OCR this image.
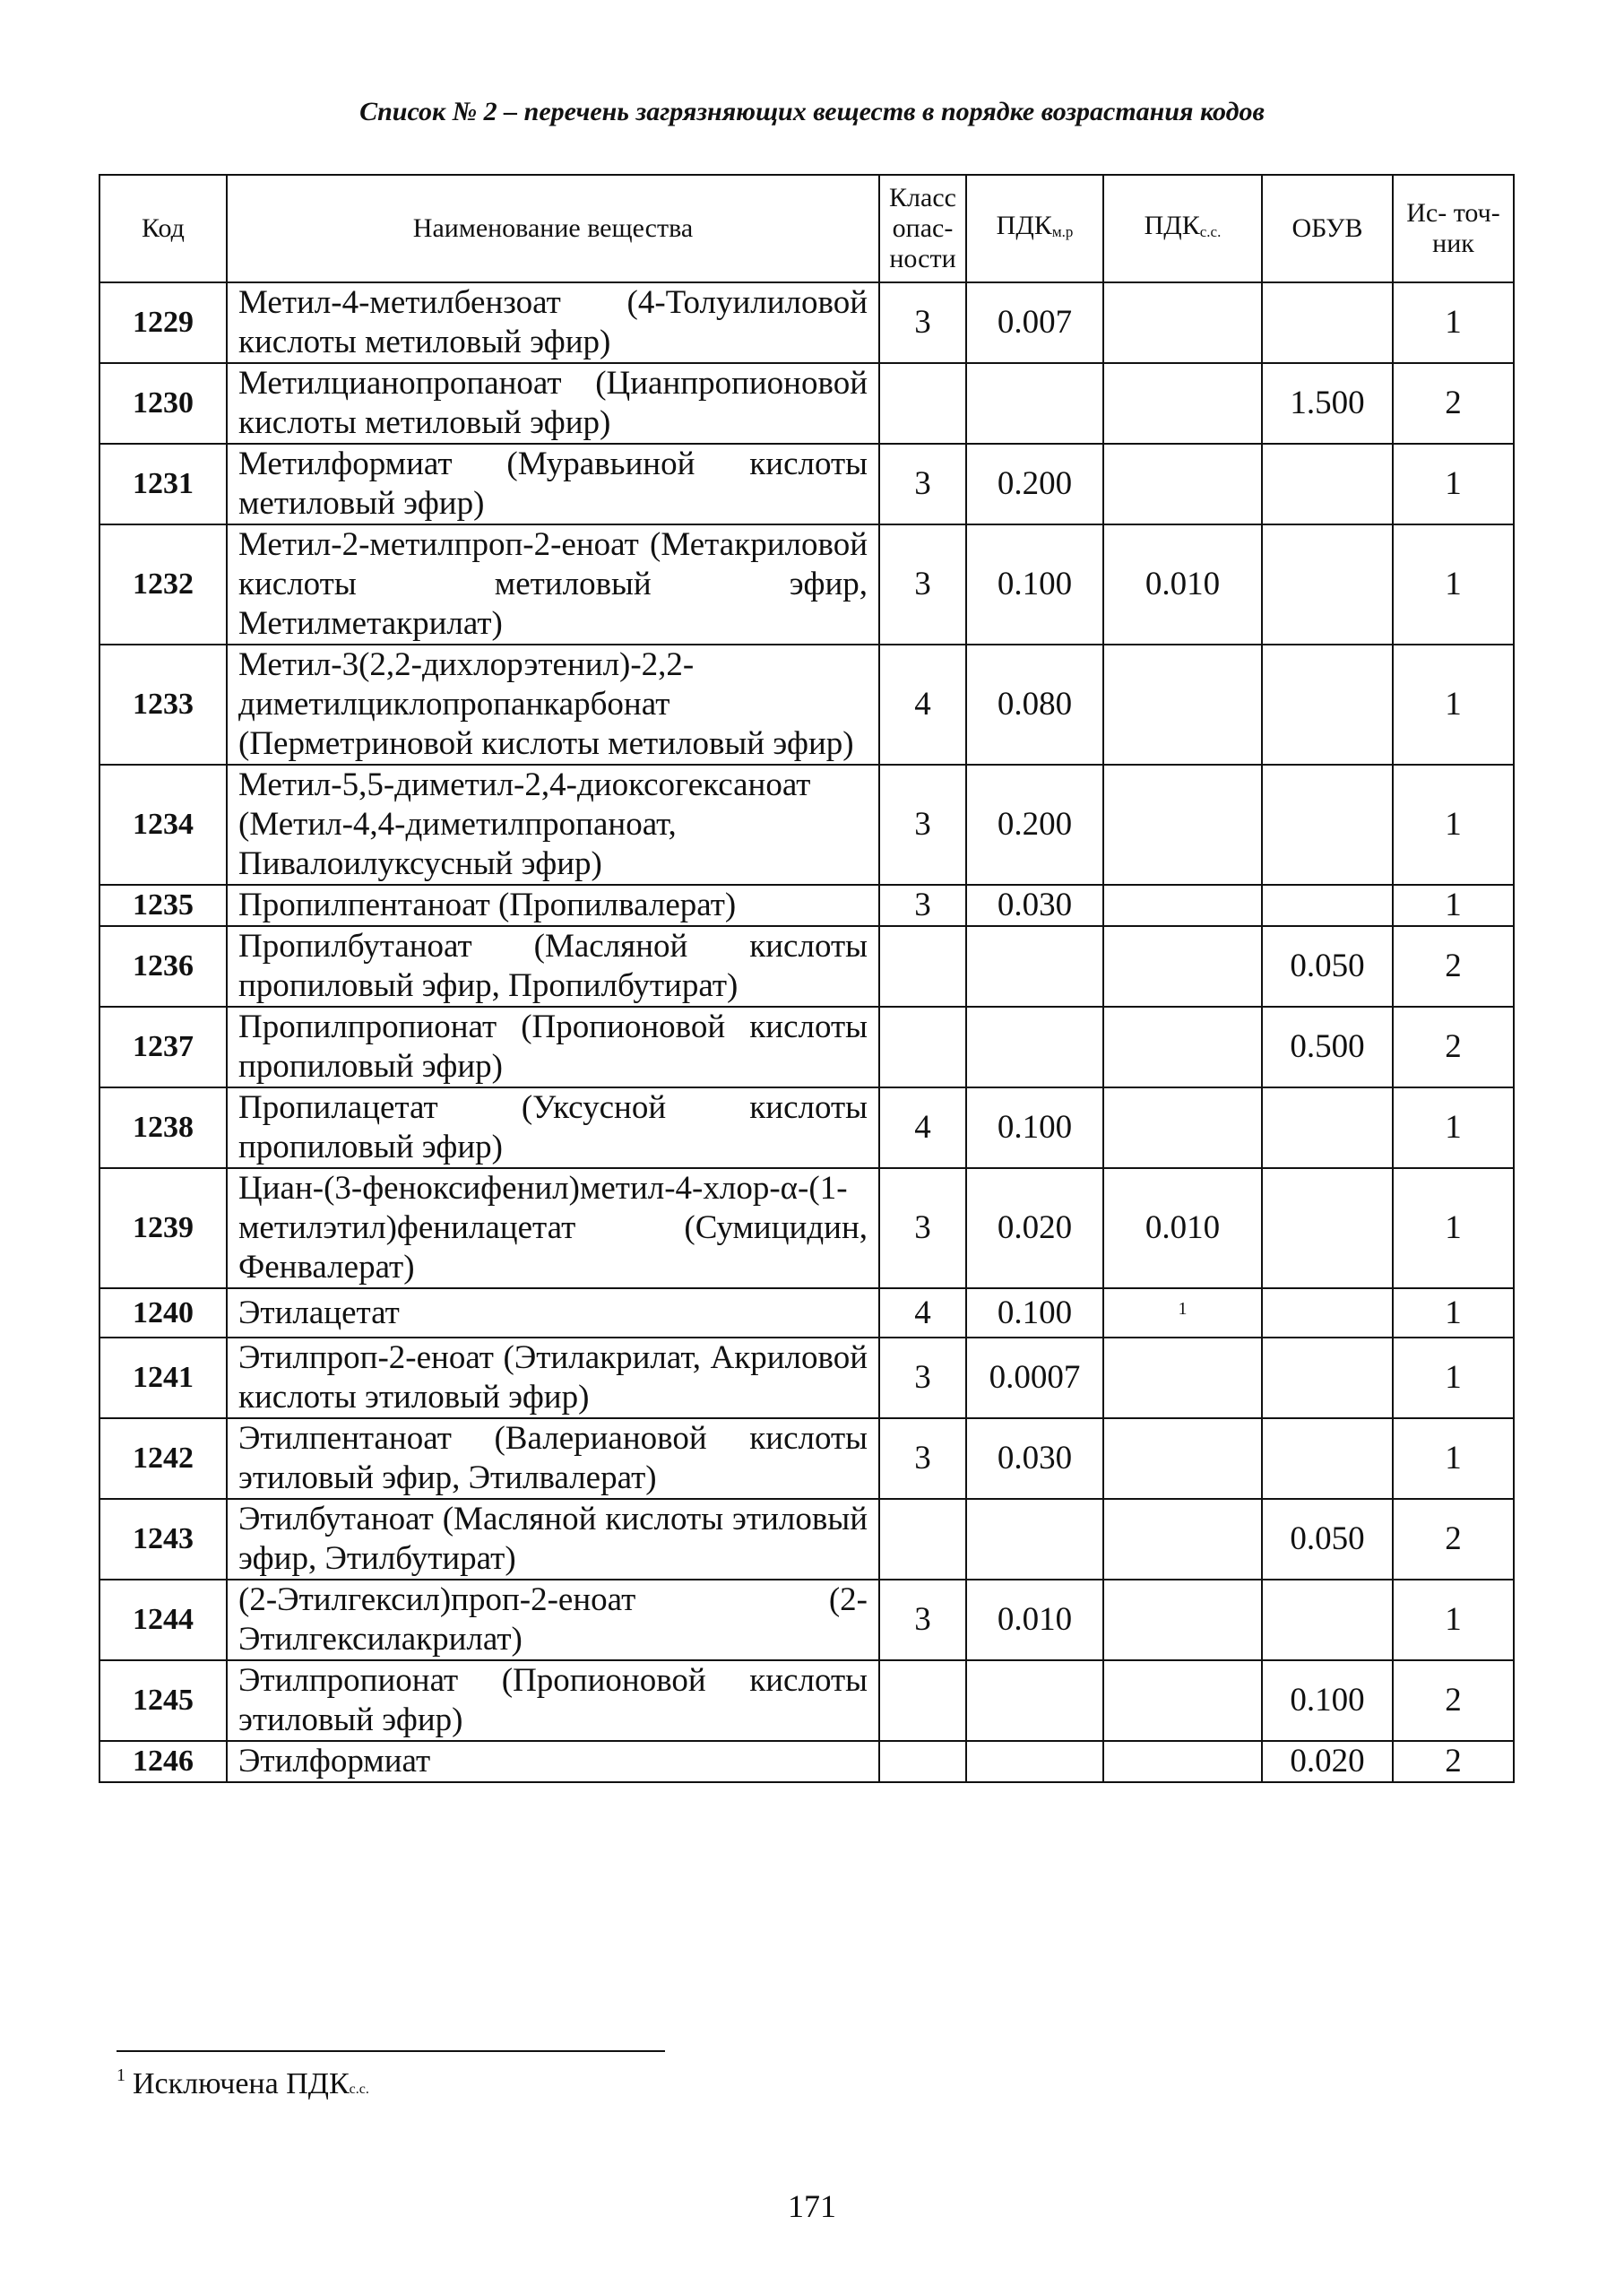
Список № 2 – перечень загрязняющих веществ в порядке возрастания кодов
Код	Наименование вещества	Класс опас- ности	ПДКм.р	ПДКс.с.	ОБУВ	Ис- точ- ник
1229	Метил-4-метилбензоат (4-Толуилиловой кислоты метиловый эфир)	3	0.007			1
1230	Метилцианопропаноат (Цианпропионовой кислоты метиловый эфир)				1.500	2
1231	Метилформиат (Муравьиной кислоты метиловый эфир)	3	0.200			1
1232	Метил-2-метилпроп-2-еноат (Метакриловой кислоты метиловый эфир, Метилметакрилат)	3	0.100	0.010		1
1233	Метил-3(2,2-дихлорэтенил)-2,2-диметилциклопропанкарбонат (Перметриновой кислоты метиловый эфир)	4	0.080			1
1234	Метил-5,5-диметил-2,4-диоксогексаноат (Метил-4,4-диметилпропаноат, Пивалоилуксусный эфир)	3	0.200			1
1235	Пропилпентаноат (Пропилвалерат)	3	0.030			1
1236	Пропилбутаноат (Масляной кислоты пропиловый эфир, Пропилбутират)				0.050	2
1237	Пропилпропионат (Пропионовой кислоты пропиловый эфир)				0.500	2
1238	Пропилацетат (Уксусной кислоты пропиловый эфир)	4	0.100			1
1239	Циан-(3-феноксифенил)метил-4-хлор-α-(1-метилэтил)фенилацетат (Сумицидин, Фенвалерат)	3	0.020	0.010		1
1240	Этилацетат	4	0.100	$^1$		1
1241	Этилпроп-2-еноат (Этилакрилат, Акриловой кислоты этиловый эфир)	3	0.0007			1
1242	Этилпентаноат (Валериановой кислоты этиловый эфир, Этилвалерат)	3	0.030			1
1243	Этилбутаноат (Масляной кислоты этиловый эфир, Этилбутират)				0.050	2
1244	(2-Этилгексил)проп-2-еноат (2-Этилгексилакрилат)	3	0.010			1
1245	Этилпропионат (Пропионовой кислоты этиловый эфир)				0.100	2
1246	Этилформиат				0.020	2
$^1$ Исключена ПДКс.с.
171
